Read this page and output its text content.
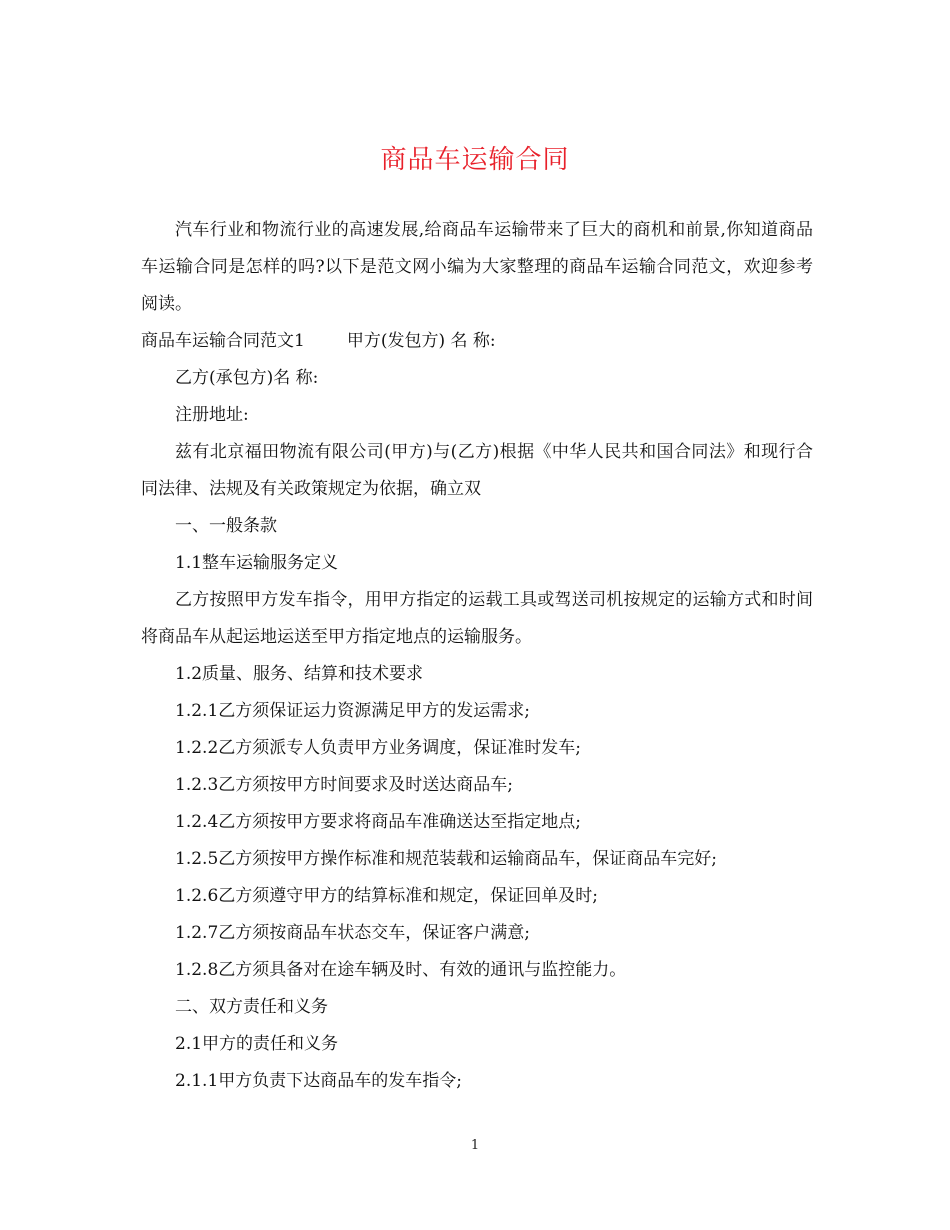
商品车运输合同

汽车行业和物流行业的高速发展,给商品车运输带来了巨大的商机和前景,你知道商品车运输合同是怎样的吗?以下是范文网小编为大家整理的商品车运输合同范文，欢迎参考阅读。

商品车运输合同范文1 甲方(发包方) 名 称:

乙方(承包方)名 称:

注册地址:

兹有北京福田物流有限公司(甲方)与(乙方)根据《中华人民共和国合同法》和现行合同法律、法规及有关政策规定为依据，确立双

一、一般条款

1.1整车运输服务定义

乙方按照甲方发车指令，用甲方指定的运载工具或驾送司机按规定的运输方式和时间将商品车从起运地运送至甲方指定地点的运输服务。

1.2质量、服务、结算和技术要求

1.2.1乙方须保证运力资源满足甲方的发运需求;

1.2.2乙方须派专人负责甲方业务调度，保证准时发车;

1.2.3乙方须按甲方时间要求及时送达商品车;

1.2.4乙方须按甲方要求将商品车准确送达至指定地点;

1.2.5乙方须按甲方操作标准和规范装载和运输商品车，保证商品车完好;

1.2.6乙方须遵守甲方的结算标准和规定，保证回单及时;

1.2.7乙方须按商品车状态交车，保证客户满意;

1.2.8乙方须具备对在途车辆及时、有效的通讯与监控能力。

二、双方责任和义务

2.1甲方的责任和义务

2.1.1甲方负责下达商品车的发车指令;

1
